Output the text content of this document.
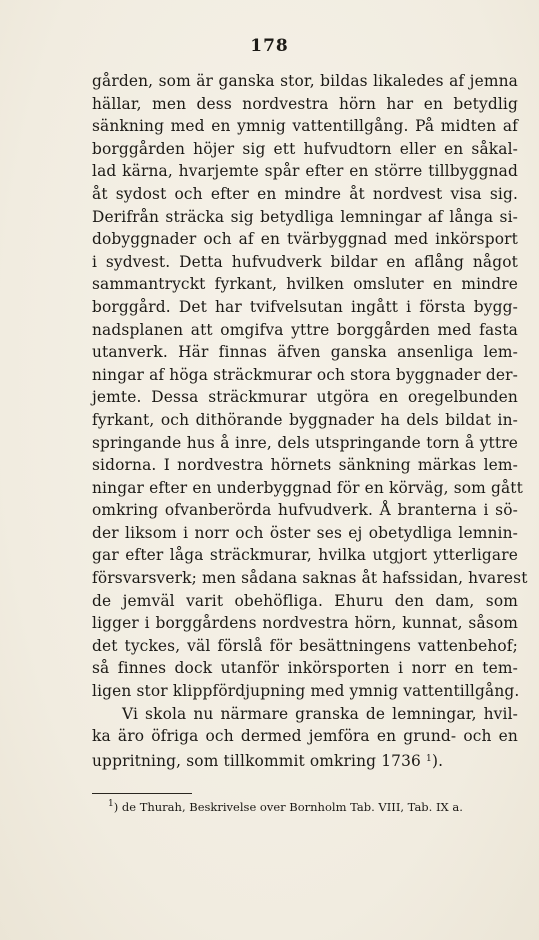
178
gården, som är ganska stor, bildas likaledes af jemna
hällar, men dess nordvestra hörn har en betydlig
sänkning med en ymnig vattentillgång. På midten af
borggården höjer sig ett hufvudtorn eller en såkal-
lad kärna, hvarjemte spår efter en större tillbyggnad
åt sydost och efter en mindre åt nordvest visa sig.
Derifrån sträcka sig betydliga lemningar af långa si-
dobyggnader och af en tvärbyggnad med inkörsport
i sydvest. Detta hufvudverk bildar en aflång något
sammantryckt fyrkant, hvilken omsluter en mindre
borggård. Det har tvifvelsutan ingått i första bygg-
nadsplanen att omgifva yttre borggården med fasta
utanverk. Här finnas äfven ganska ansenliga lem-
ningar af höga sträckmurar och stora byggnader der-
jemte. Dessa sträckmurar utgöra en oregelbunden
fyrkant, och dithörande byggnader ha dels bildat in-
springande hus å inre, dels utspringande torn å yttre
sidorna. I nordvestra hörnets sänkning märkas lem-
ningar efter en underbyggnad för en körväg, som gått
omkring ofvanberörda hufvudverk. Å branterna i sö-
der liksom i norr och öster ses ej obetydliga lemnin-
gar efter låga sträckmurar, hvilka utgjort ytterligare
försvarsverk; men sådana saknas åt hafssidan, hvarest
de jemväl varit obehöfliga. Ehuru den dam, som
ligger i borggårdens nordvestra hörn, kunnat, såsom
det tyckes, väl förslå för besättningens vattenbehof;
så finnes dock utanför inkörsporten i norr en tem-
ligen stor klippfördjupning med ymnig vattentillgång.
Vi skola nu närmare granska de lemningar, hvil-
ka äro öfriga och dermed jemföra en grund- och en
uppritning, som tillkommit omkring 1736 $^1$).
$^1$) de Thurah, Beskrivelse over Bornholm Tab. VIII, Tab. IX a.
